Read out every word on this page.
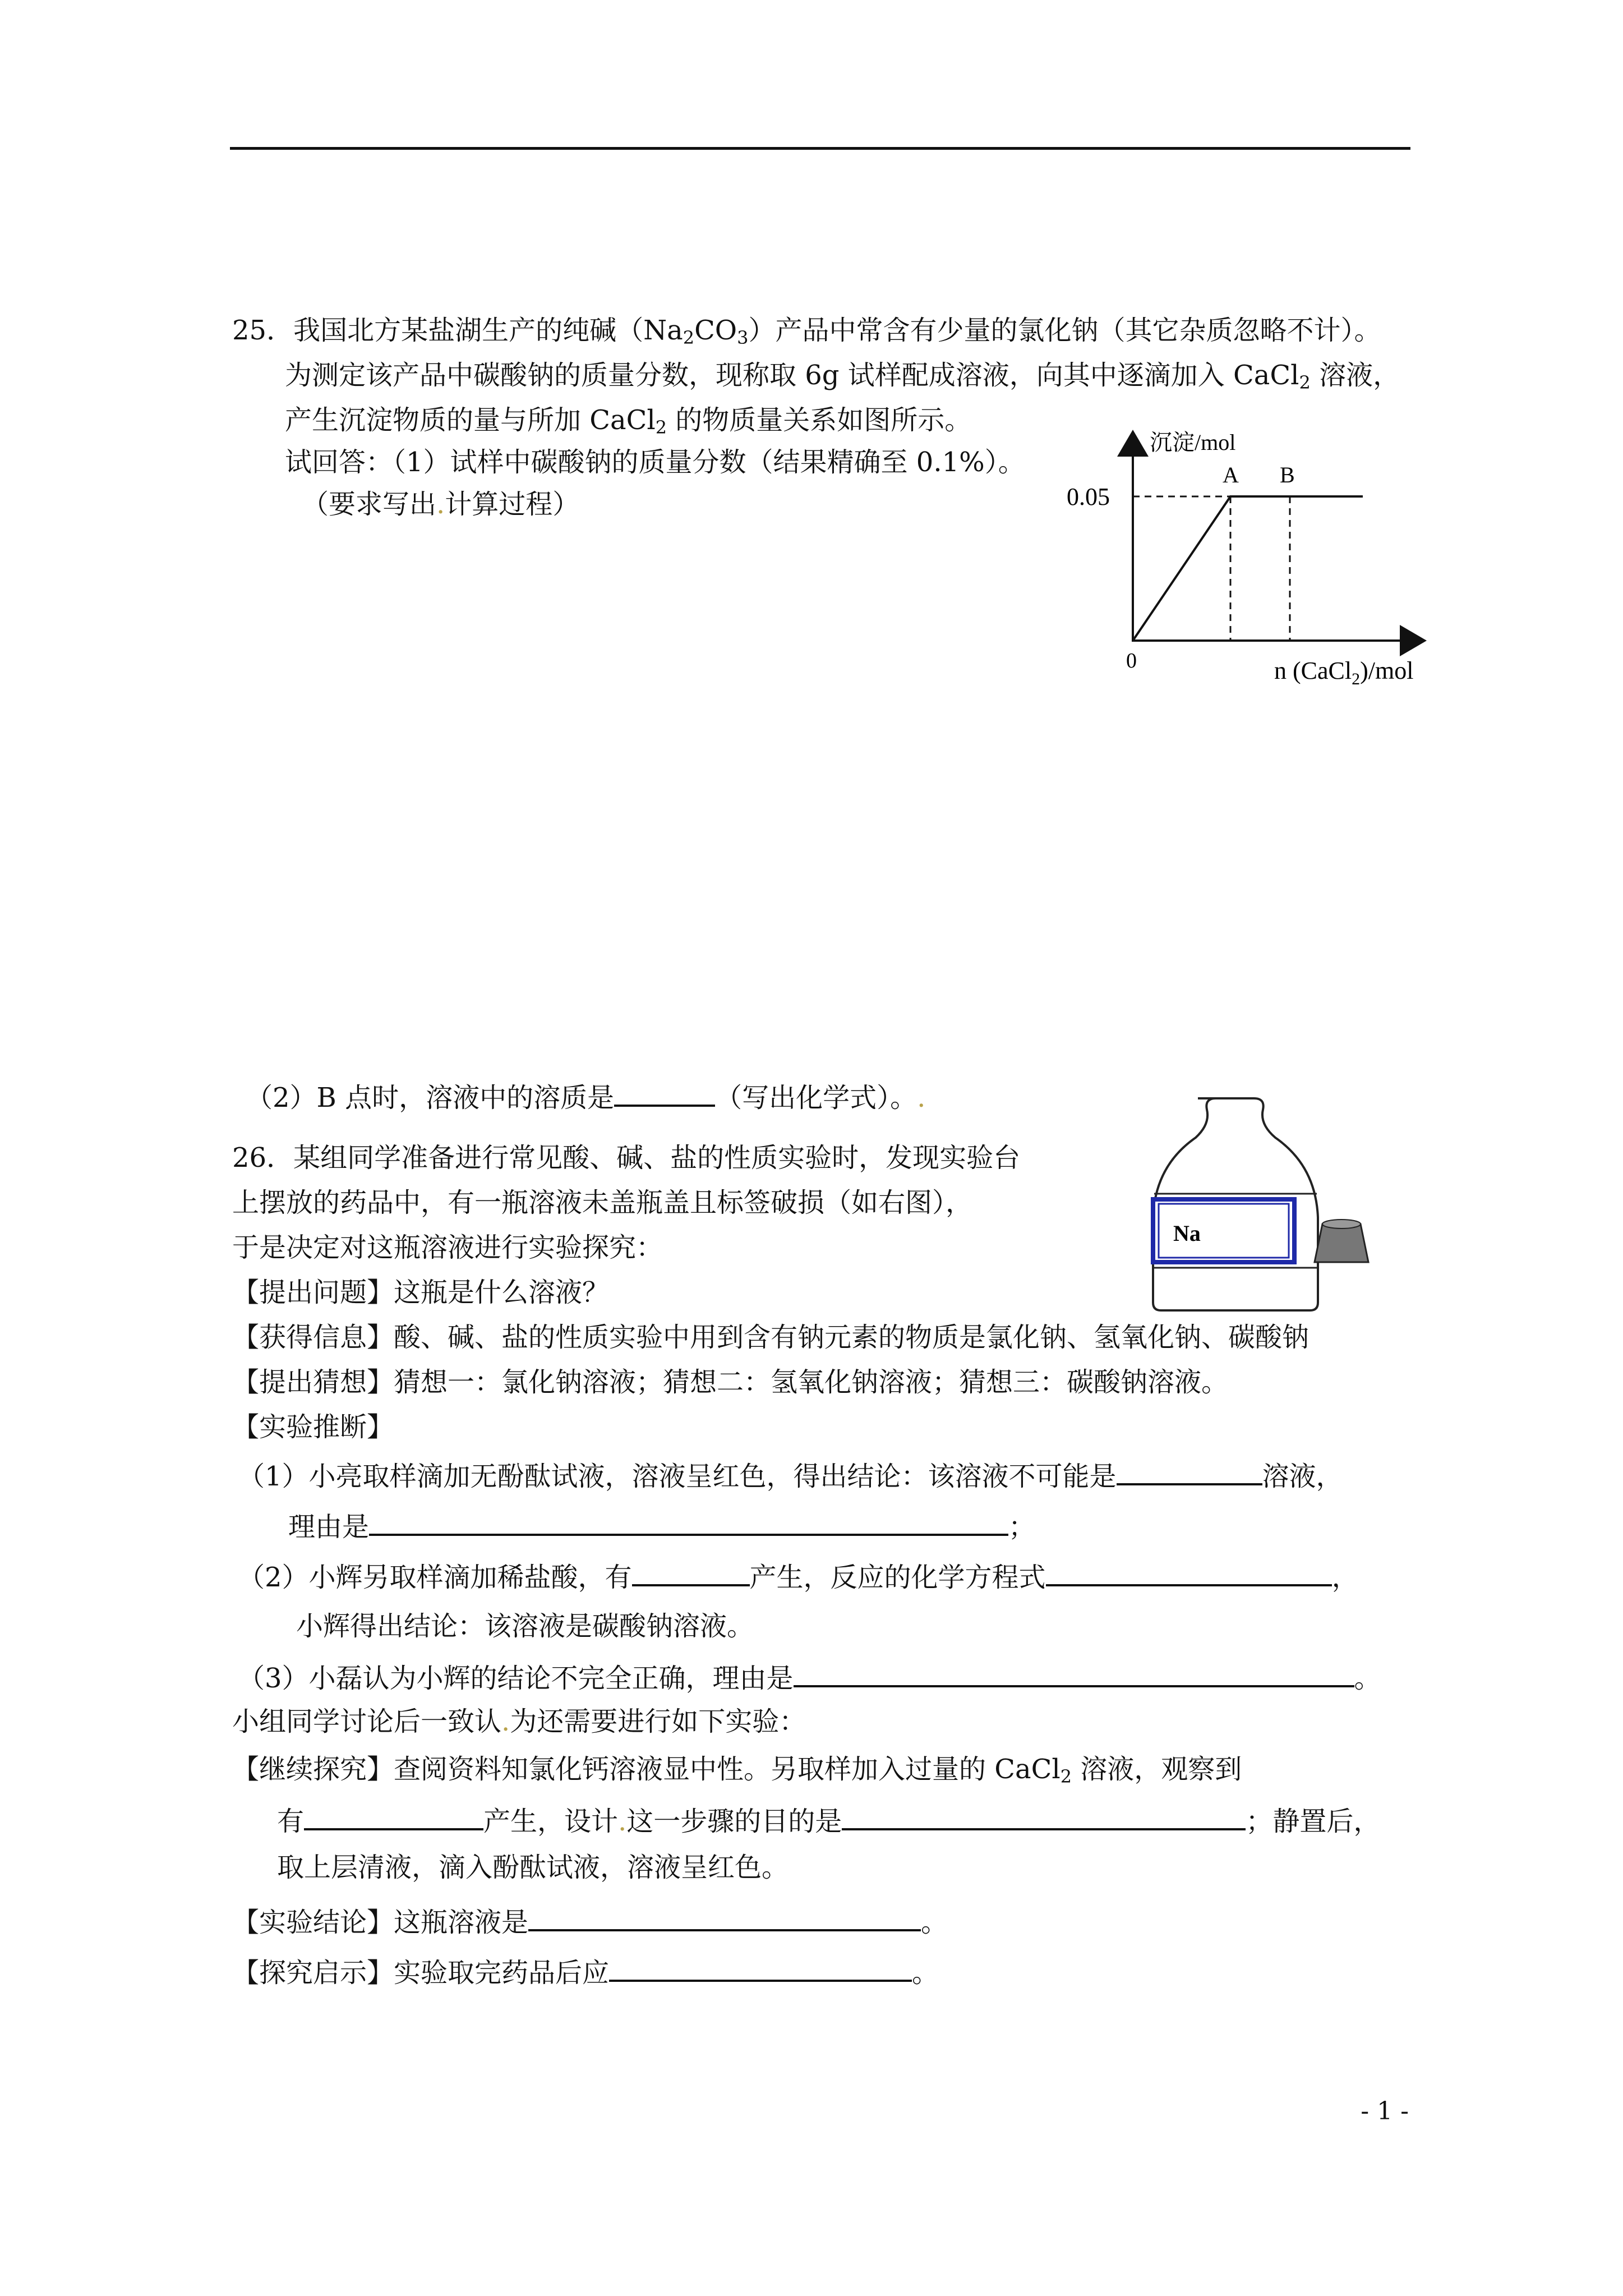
25．我国北方某盐湖生产的纯碱$(Na_2CO_3)$产品中常含有少量的氯化钠（其它杂质忽略不计）。
为测定该产品中碳酸钠的质量分数，现称取 6g 试样配成溶液，向其中逐滴加入 CaCl$_2$ 溶液，
产生沉淀物质的量与所加 CaCl$_2$ 的物质量关系如图所示。
试回答：（1）试样中碳酸钠的质量分数（结果精确至 0.1%）。
（要求写出.计算过程）
沉淀/mol
0.05
0
A B
n (CaCl$_2$)/mol
（2）B 点时，溶液中的溶质是	（写出化学式）。.
Na
26．某组同学准备进行常见酸、碱、盐的性质实验时，发现实验台
上摆放的药品中，有一瓶溶液未盖瓶盖且标签破损（如右图），
于是决定对这瓶溶液进行实验探究：
【提出问题】这瓶是什么溶液？
【获得信息】酸、碱、盐的性质实验中用到含有钠元素的物质是氯化钠、氢氧化钠、碳酸钠
【提出猜想】猜想一：氯化钠溶液；猜想二：氢氧化钠溶液；猜想三：碳酸钠溶液。
【实验推断】
（1）小亮取样滴加无酚酞试液，溶液呈红色，得出结论：该溶液不可能是	溶液，
理由是	；
（2）小辉另取样滴加稀盐酸，有	产生，反应的化学方程式	，
小辉得出结论：该溶液是碳酸钠溶液。
（3）小磊认为小辉的结论不完全正确，理由是	。
小组同学讨论后一致认.为还需要进行如下实验：
【继续探究】查阅资料知氯化钙溶液显中性。另取样加入过量的 CaCl$_2$ 溶液，观察到
有	产生，设计.这一步骤的目的是	；静置后，
取上层清液，滴入酚酞试液，溶液呈红色。
【实验结论】这瓶溶液是	。
【探究启示】实验取完药品后应	。
- 1 -
